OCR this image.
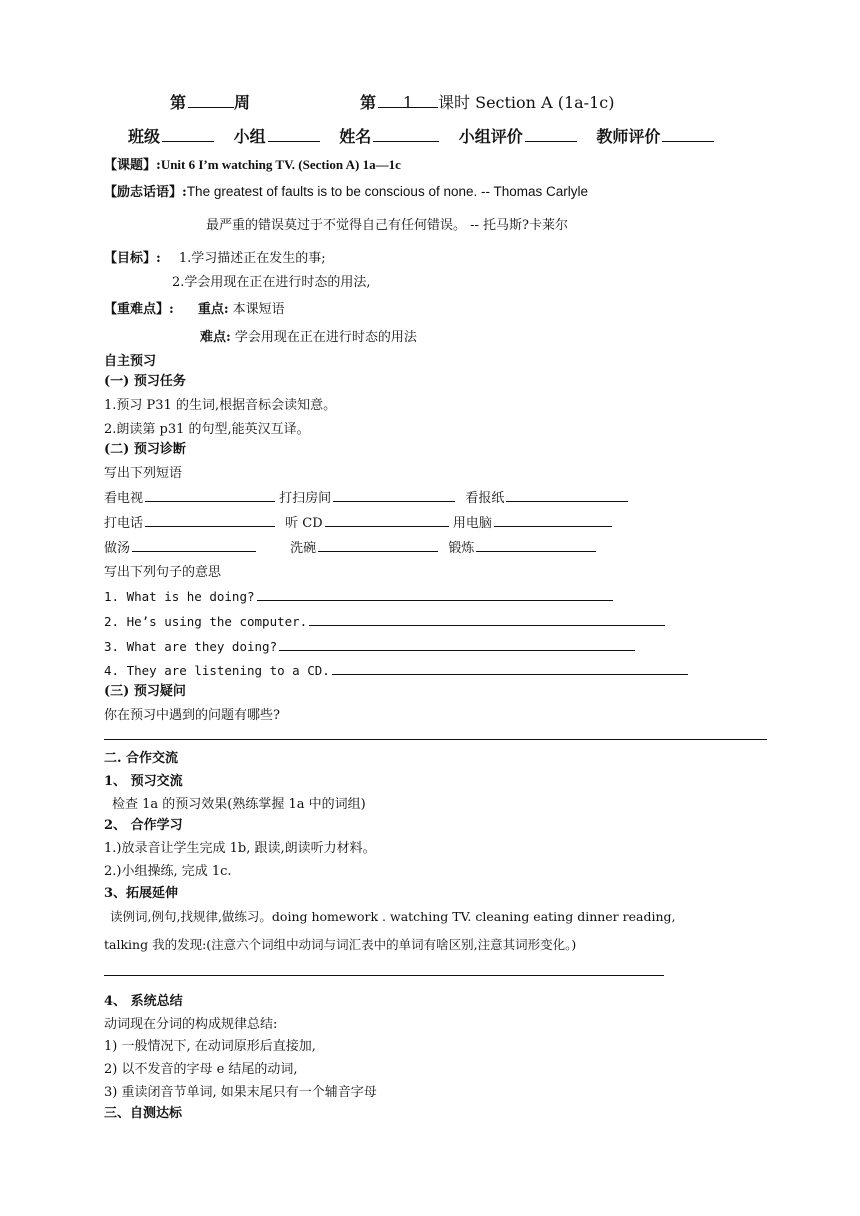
第	周	第 1 课时 Section A (1a-1c)
班级	小组	姓名	小组评价	教师评价
【课题】:Unit 6 I’m watching TV. (Section A) 1a—1c
【励志话语】:The greatest of faults is to be conscious of none. -- Thomas Carlyle
最严重的错误莫过于不觉得自己有任何错误。 -- 托马斯?卡莱尔
【目标】: 1.学习描述正在发生的事;
2.学会用现在正在进行时态的用法,
【重难点】: 重点: 本课短语
难点: 学会用现在正在进行时态的用法
自主预习
(一) 预习任务
1.预习 P31 的生词,根据音标会读知意。
2.朗读第 p31 的句型,能英汉互译。
(二) 预习诊断
写出下列短语
看电视	打扫房间	看报纸
打电话	听 CD	用电脑
做汤	洗碗	锻炼
写出下列句子的意思
1. What is he doing?
2. He’s using the computer.
3. What are they doing?
4. They are listening to a CD.
(三) 预习疑问
你在预习中遇到的问题有哪些?
二. 合作交流
1、 预习交流
检查 1a 的预习效果(熟练掌握 1a 中的词组)
2、 合作学习
1.)放录音让学生完成 1b, 跟读,朗读听力材料。
2.)小组操练, 完成 1c.
3、拓展延伸
读例词,例句,找规律,做练习。doing homework . watching TV. cleaning eating dinner reading,
talking 我的发现:(注意六个词组中动词与词汇表中的单词有啥区别,注意其词形变化。)
4、 系统总结
动词现在分词的构成规律总结:
1) 一般情况下, 在动词原形后直接加,
2) 以不发音的字母 e 结尾的动词,
3) 重读闭音节单词, 如果末尾只有一个辅音字母
三、自测达标
